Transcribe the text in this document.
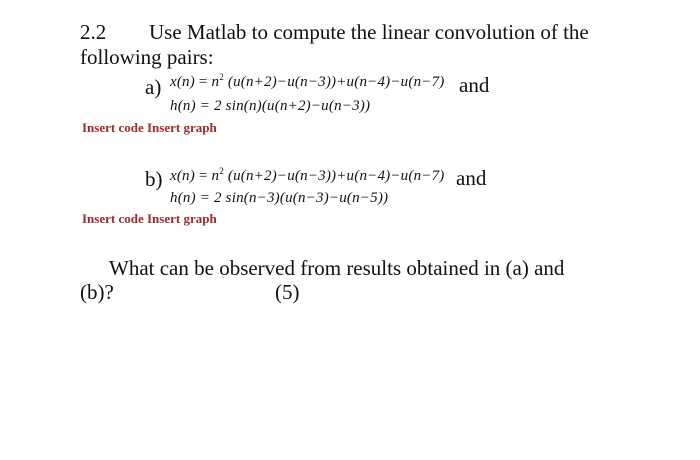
2.2 Use Matlab to compute the linear convolution of the
following pairs:
a) $x(n) = n^2$ (u(n+2)−u(n−3))+u(n−4)−u(n−7) and
h(n) = 2 sin(n)(u(n+2)−u(n−3))
Insert code Insert graph
b) $x(n) = n^2$ (u(n+2)−u(n−3))+u(n−4)−u(n−7) and
h(n) = 2 sin(n−3)(u(n−3)−u(n−5))
Insert code Insert graph
What can be observed from results obtained in (a) and
(b)?	(5)
